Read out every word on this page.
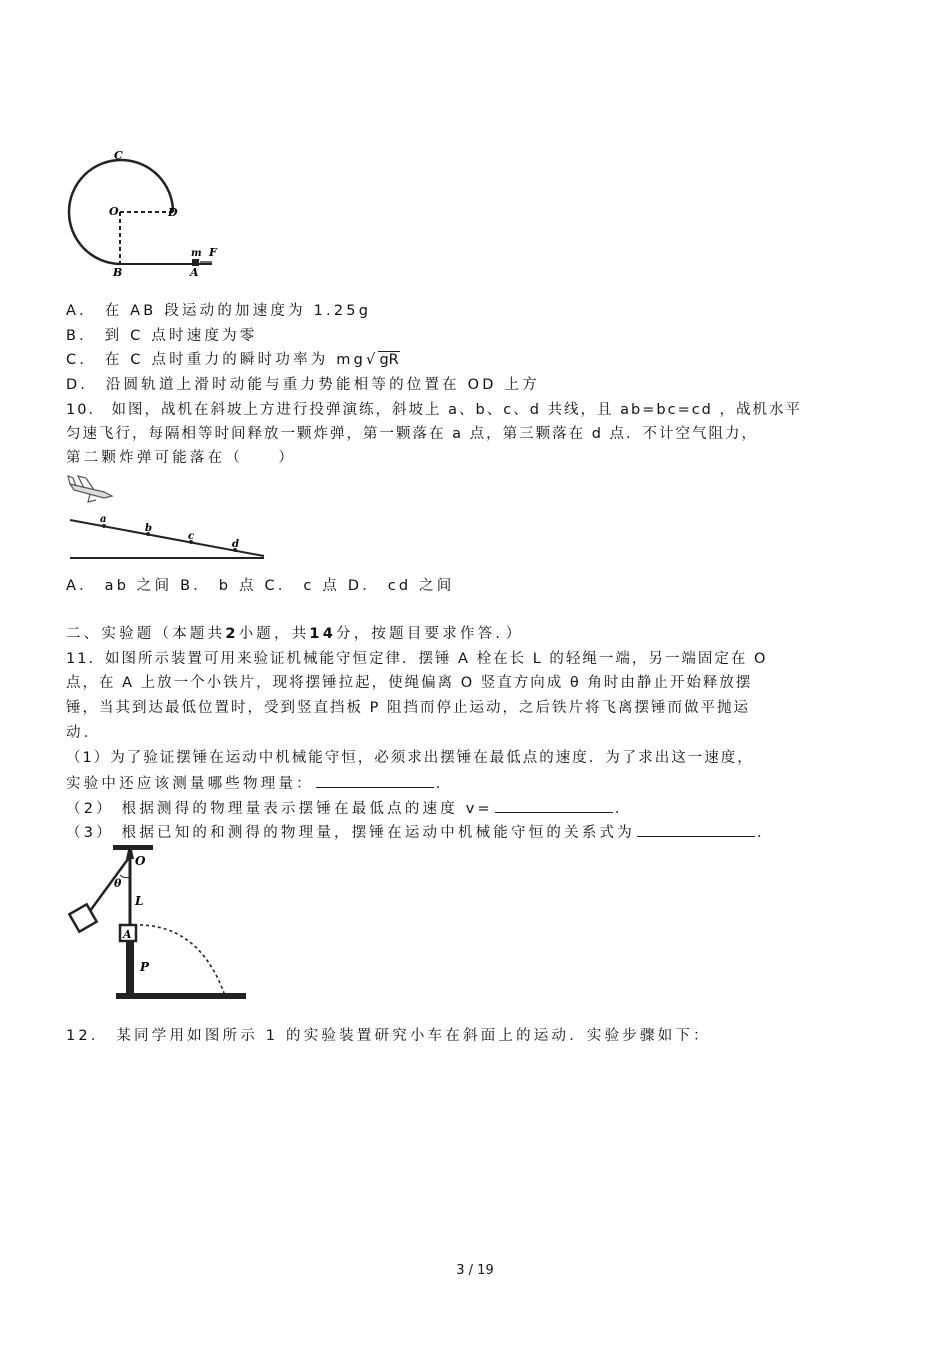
C
O	D
B	A
m F
A． 在 AB 段运动的加速度为 1.25g
B． 到 C 点时速度为零
C． 在 C 点时重力的瞬时功率为 mg√gR
D． 沿圆轨道上滑时动能与重力势能相等的位置在 OD 上方
10． 如图，战机在斜坡上方进行投弹演练，斜坡上 a、b、c、d 共线，且 ab=bc=cd ，战机水平
匀速飞行，每隔相等时间释放一颗炸弹，第一颗落在 a 点，第三颗落在 d 点．不计空气阻力，
第二颗炸弹可能落在（　　）
a
b
c
d
A． ab 之间 B． b 点 C． c 点 D． cd 之间
二、实验题（本题共2小题，共14分，按题目要求作答．）
11．如图所示装置可用来验证机械能守恒定律．摆锤 A 栓在长 L 的轻绳一端，另一端固定在 O
点，在 A 上放一个小铁片，现将摆锤拉起，使绳偏离 O 竖直方向成 θ 角时由静止开始释放摆
锤，当其到达最低位置时，受到竖直挡板 P 阻挡而停止运动，之后铁片将飞离摆锤而做平抛运
动．
（1）为了验证摆锤在运动中机械能守恒，必须求出摆锤在最低点的速度．为了求出这一速度，
实验中还应该测量哪些物理量：	．
（2） 根据测得的物理量表示摆锤在最低点的速度 v=	．
（3） 根据已知的和测得的物理量，摆锤在运动中机械能守恒的关系式为	．
O
θ
L
A
P
12． 某同学用如图所示 1 的实验装置研究小车在斜面上的运动．实验步骤如下：
3 / 19
